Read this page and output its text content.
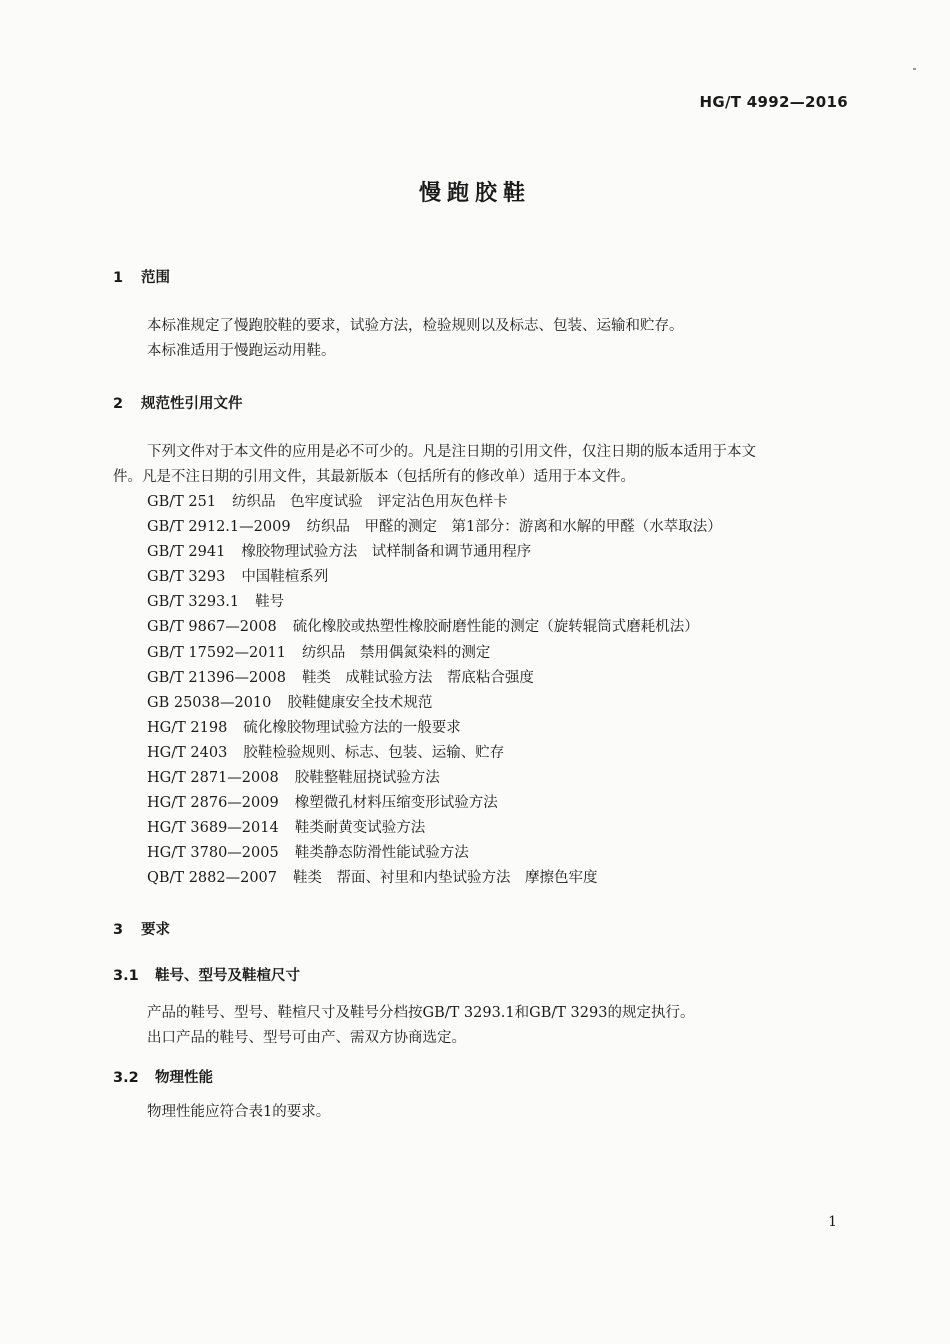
HG/T 4992—2016
慢跑胶鞋
1 范围
本标准规定了慢跑胶鞋的要求，试验方法，检验规则以及标志、包装、运输和贮存。
本标准适用于慢跑运动用鞋。
2 规范性引用文件
下列文件对于本文件的应用是必不可少的。凡是注日期的引用文件，仅注日期的版本适用于本文
件。凡是不注日期的引用文件，其最新版本（包括所有的修改单）适用于本文件。
GB/T 251 纺织品　色牢度试验　评定沾色用灰色样卡
GB/T 2912.1—2009 纺织品　甲醛的测定　第1部分：游离和水解的甲醛（水萃取法）
GB/T 2941 橡胶物理试验方法　试样制备和调节通用程序
GB/T 3293 中国鞋楦系列
GB/T 3293.1 鞋号
GB/T 9867—2008 硫化橡胶或热塑性橡胶耐磨性能的测定（旋转辊筒式磨耗机法）
GB/T 17592—2011 纺织品　禁用偶氮染料的测定
GB/T 21396—2008 鞋类　成鞋试验方法　帮底粘合强度
GB 25038—2010 胶鞋健康安全技术规范
HG/T 2198 硫化橡胶物理试验方法的一般要求
HG/T 2403 胶鞋检验规则、标志、包装、运输、贮存
HG/T 2871—2008 胶鞋整鞋屈挠试验方法
HG/T 2876—2009 橡塑微孔材料压缩变形试验方法
HG/T 3689—2014 鞋类耐黄变试验方法
HG/T 3780—2005 鞋类静态防滑性能试验方法
QB/T 2882—2007 鞋类　帮面、衬里和内垫试验方法　摩擦色牢度
3 要求
3.1 鞋号、型号及鞋楦尺寸
产品的鞋号、型号、鞋楦尺寸及鞋号分档按GB/T 3293.1和GB/T 3293的规定执行。
出口产品的鞋号、型号可由产、需双方协商选定。
3.2 物理性能
物理性能应符合表1的要求。
1
